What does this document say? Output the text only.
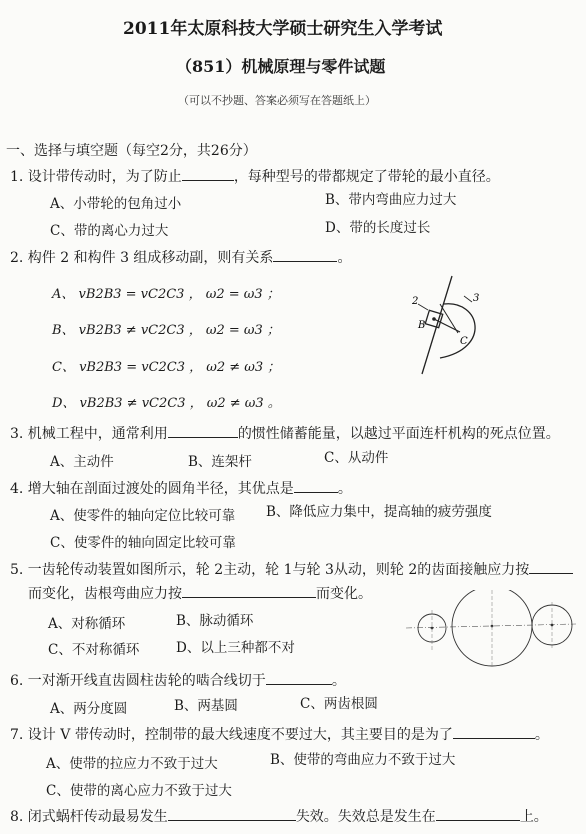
2011年太原科技大学硕士研究生入学考试
（851）机械原理与零件试题
（可以不抄题、答案必须写在答题纸上）
一、选择与填空题（每空2分，共26分）
1. 设计带传动时，为了防止	，每种型号的带都规定了带轮的最小直径。
A、小带轮的包角过小	B、带内弯曲应力过大
C、带的离心力过大	D、带的长度过长
2. 构件 2 和构件 3 组成移动副，则有关系	。
A、 vB2B3 = vC2C3 ， ω2 = ω3 ；
B、 vB2B3 ≠ vC2C3 ， ω2 = ω3 ；
C、 vB2B3 = vC2C3 ， ω2 ≠ ω3 ；
D、 vB2B3 ≠ vC2C3 ， ω2 ≠ ω3 。
2	3
B
C
3. 机械工程中，通常利用	的惯性储蓄能量，以越过平面连杆机构的死点位置。
A、主动件	B、连架杆	C、从动件
4. 增大轴在剖面过渡处的圆角半径，其优点是	。
A、使零件的轴向定位比较可靠 B、降低应力集中，提高轴的疲劳强度
C、使零件的轴向固定比较可靠
5. 一齿轮传动装置如图所示，轮 2主动，轮 1与轮 3从动，则轮 2的齿面接触应力按
而变化，齿根弯曲应力按	而变化。
A、对称循环	B、脉动循环
C、不对称循环	D、以上三种都不对
6. 一对渐开线直齿圆柱齿轮的啮合线切于	。
A、两分度圆	B、两基圆	C、两齿根圆
7. 设计 V 带传动时，控制带的最大线速度不要过大，其主要目的是为了	。
A、使带的拉应力不致于过大	B、使带的弯曲应力不致于过大
C、使带的离心应力不致于过大
8. 闭式蜗杆传动最易发生	失效。失效总是发生在	上。
